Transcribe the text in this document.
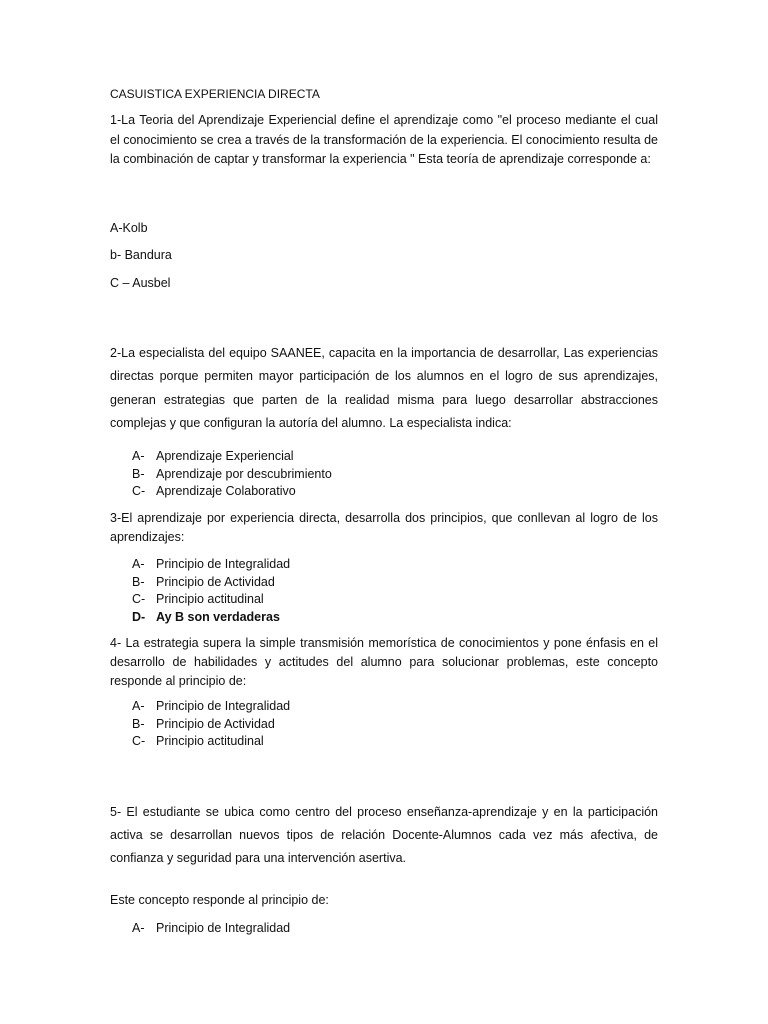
CASUISTICA EXPERIENCIA DIRECTA

1-La Teoria del Aprendizaje Experiencial define el aprendizaje como "el proceso mediante el cual el conocimiento se crea a través de la transformación de la experiencia. El conocimiento resulta de la combinación de captar y transformar la experiencia " Esta teoría de aprendizaje corresponde a:

A-Kolb

b- Bandura

C – Ausbel

2-La especialista del equipo SAANEE, capacita en la importancia de desarrollar, Las experiencias directas porque permiten mayor participación de los alumnos en el logro de sus aprendizajes, generan estrategias que parten de la realidad misma para luego desarrollar abstracciones complejas y que configuran la autoría del alumno. La especialista indica:

A- Aprendizaje Experiencial
B- Aprendizaje por descubrimiento
C- Aprendizaje Colaborativo

3-El aprendizaje por experiencia directa, desarrolla dos principios, que conllevan al logro de los aprendizajes:

A- Principio de Integralidad
B- Principio de Actividad
C- Principio actitudinal
D- Ay B son verdaderas

4- La estrategia supera la simple transmisión memorística de conocimientos y pone énfasis en el desarrollo de habilidades y actitudes del alumno para solucionar problemas, este concepto responde al principio de:

A- Principio de Integralidad
B- Principio de Actividad
C- Principio actitudinal

5- El estudiante se ubica como centro del proceso enseñanza-aprendizaje y en la participación activa se desarrollan nuevos tipos de relación Docente-Alumnos cada vez más afectiva, de confianza y seguridad para una intervención asertiva.

Este concepto responde al principio de:

A- Principio de Integralidad
